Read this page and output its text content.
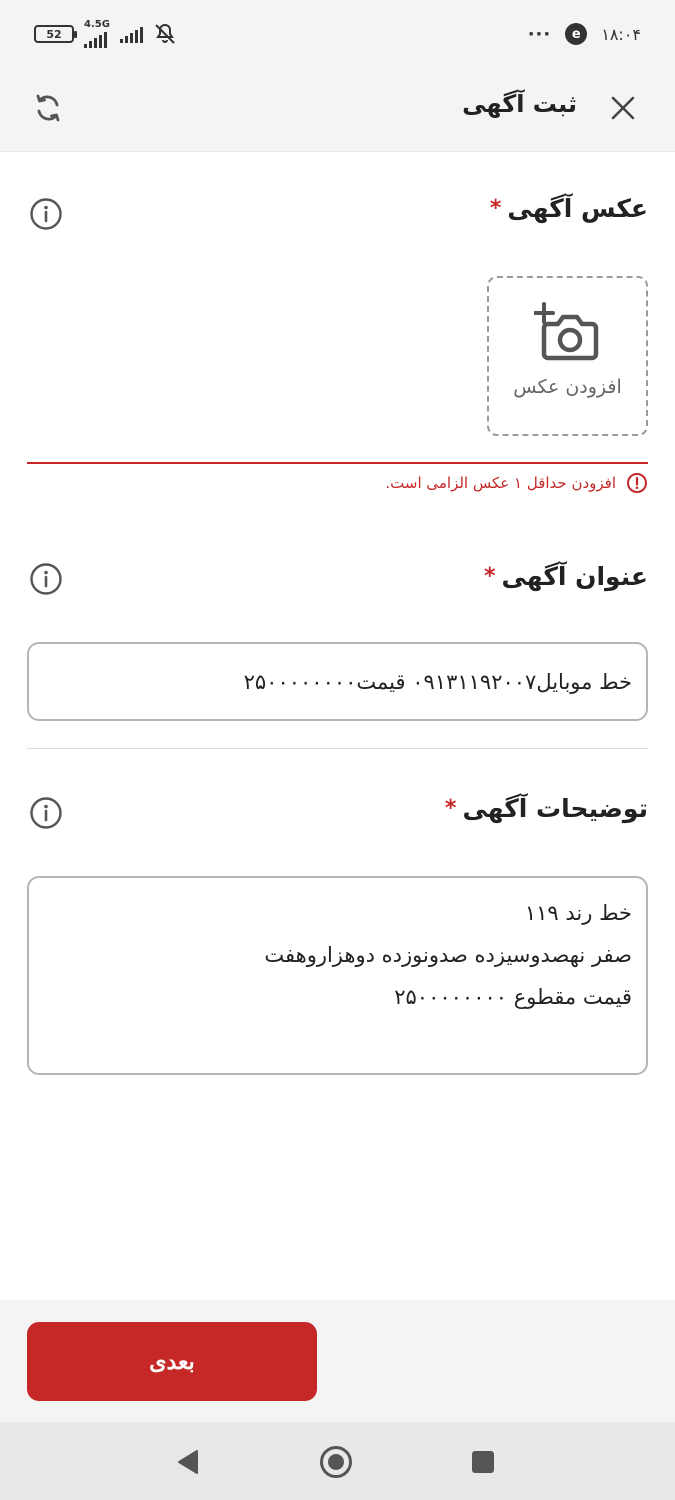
52
4.5G	···	e	۱۸:۰۴
ثبت آگهی
عکس آگهی
*
افزودن عکس
افزودن حداقل ۱ عکس الزامی است.
عنوان آگهی
*
خط موبایل۰۹۱۳۱۱۹۲۰۰۷ قیمت۲۵۰۰۰۰۰۰۰۰
توضیحات آگهی
*
خط رند ۱۱۹
صفر نهصدوسیزده صدونوزده دوهزاروهفت
قیمت مقطوع ۲۵۰۰۰۰۰۰۰۰
بعدی
